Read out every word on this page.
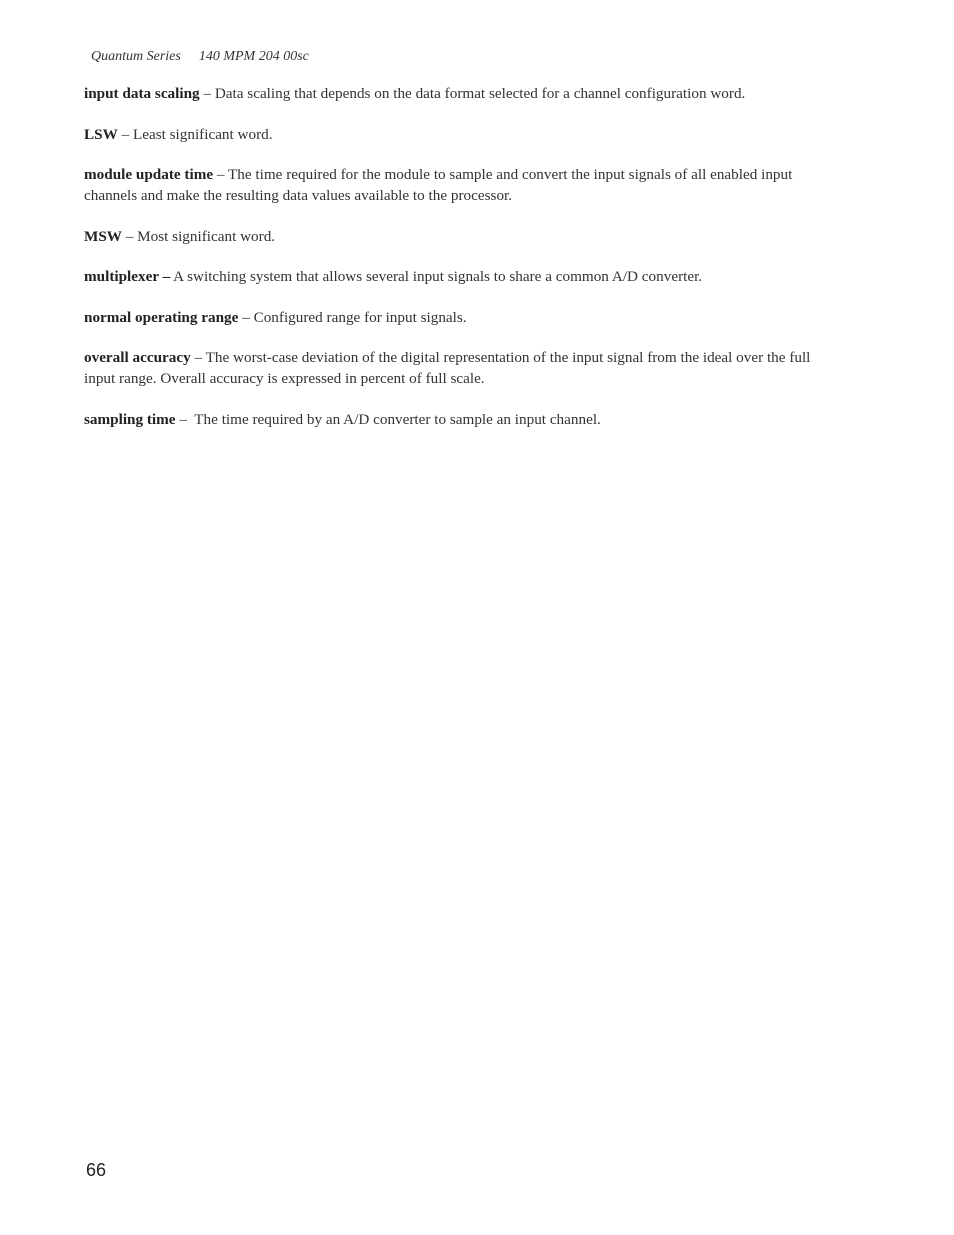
Quantum Series 140 MPM 204 00sc

input data scaling – Data scaling that depends on the data format selected for a channel configuration word.

LSW – Least significant word.

module update time – The time required for the module to sample and convert the input signals of all enabled input channels and make the resulting data values available to the processor.

MSW – Most significant word.

multiplexer – A switching system that allows several input signals to share a common A/D converter.

normal operating range – Configured range for input signals.

overall accuracy – The worst-case deviation of the digital representation of the input signal from the ideal over the full input range. Overall accuracy is expressed in percent of full scale.

sampling time –  The time required by an A/D converter to sample an input channel.

66
